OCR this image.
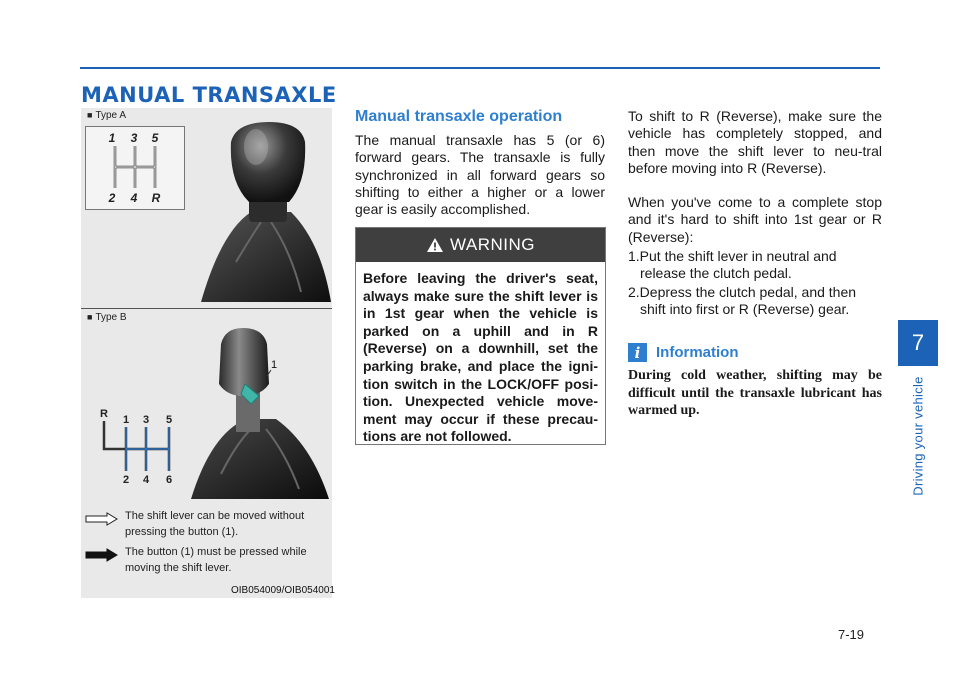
MANUAL TRANSAXLE
■ Type A
1 3 5
2 4 R
■ Type B
1
R 1 3 5
2 4 6
The shift lever can be moved without pressing the button (1).
The button (1) must be pressed while moving the shift lever.
OIB054009/OIB054001
Manual transaxle operation

The manual transaxle has 5 (or 6) forward gears. The transaxle is fully synchronized in all forward gears so shifting to either a higher or a lower gear is easily accomplished.

WARNING

Before leaving the driver's seat, always make sure the shift lever is in 1st gear when the vehicle is parked on a uphill and in R (Reverse) on a downhill, set the parking brake, and place the igni-tion switch in the LOCK/OFF posi-tion. Unexpected vehicle move-ment may occur if these precau-tions are not followed.

To shift to R (Reverse), make sure the vehicle has completely stopped, and then move the shift lever to neu-tral before moving into R (Reverse).

When you've come to a complete stop and it's hard to shift into 1st gear or R (Reverse):

1.Put the shift lever in neutral and release the clutch pedal.
2.Depress the clutch pedal, and then shift into first or R (Reverse) gear.
i	Information

During cold weather, shifting may be difficult until the transaxle lubricant has warmed up.

7
Driving your vehicle
7-19
